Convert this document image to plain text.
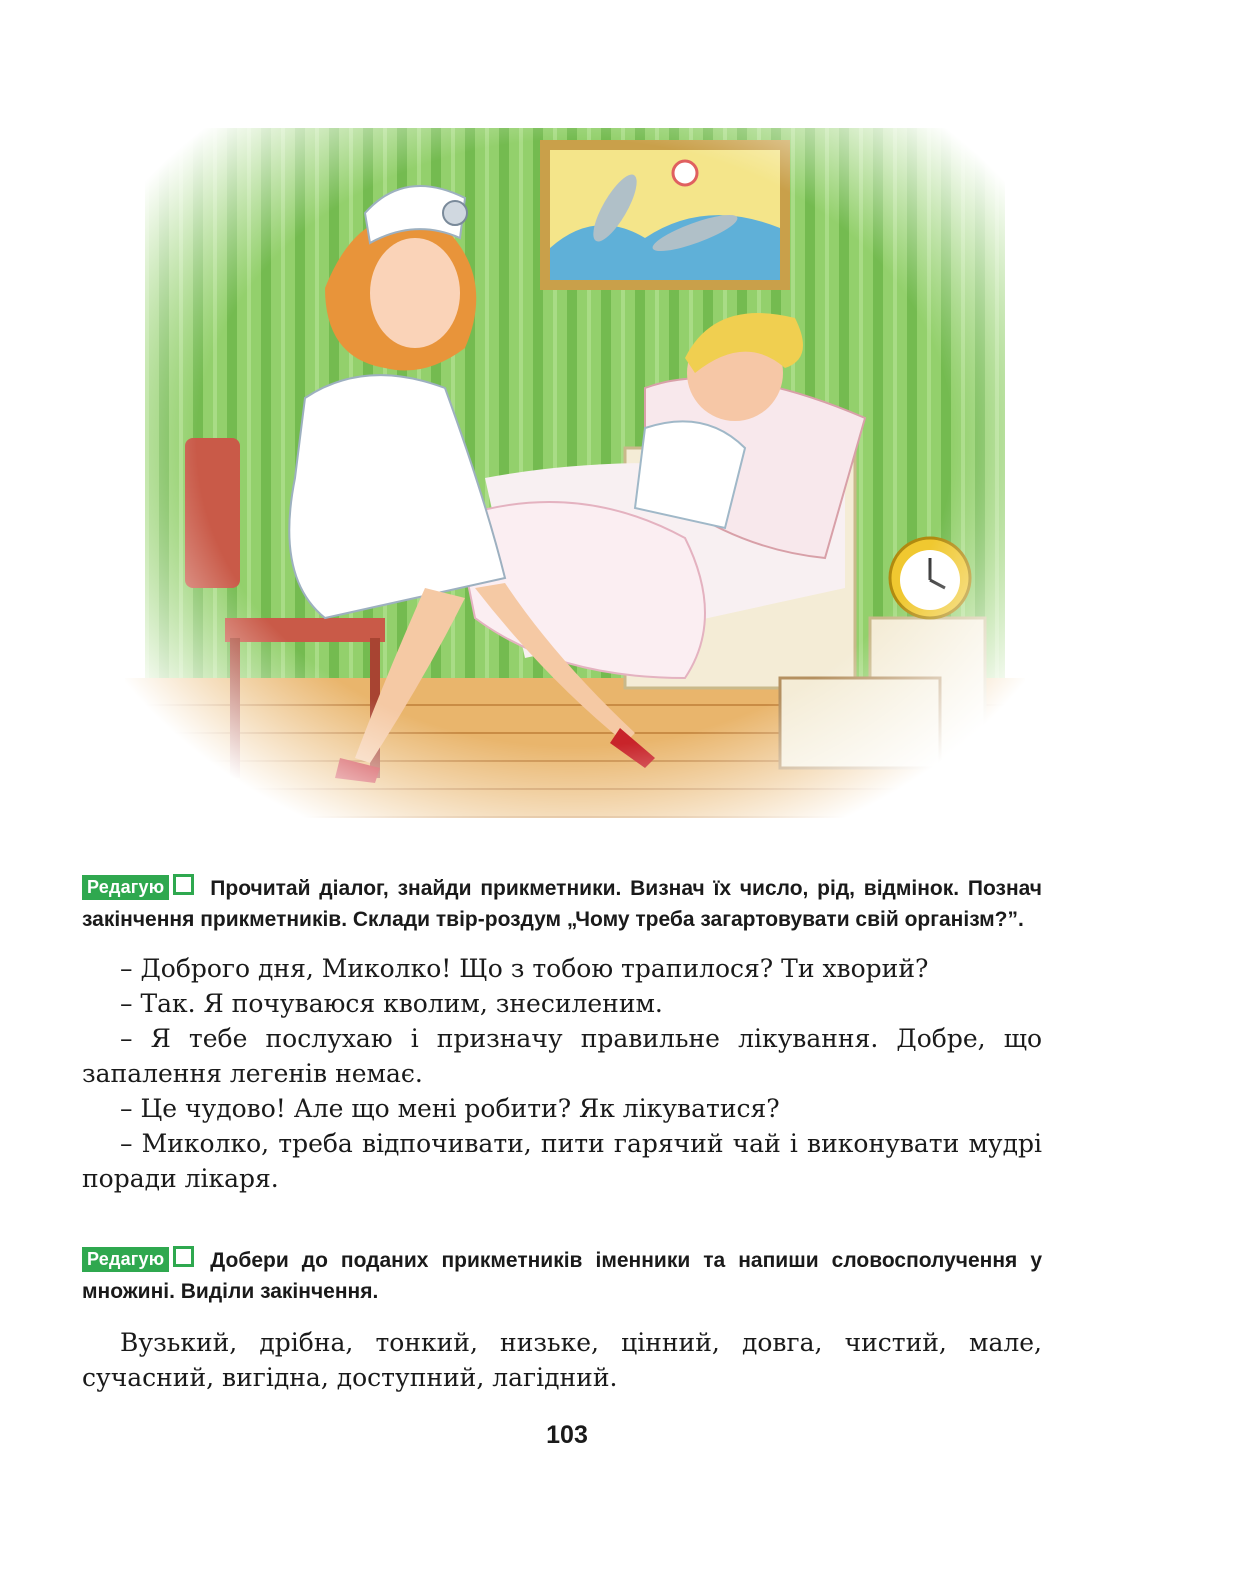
Редагую Прочитай діалог, знайди прикметники. Визнач їх число, рід, відмінок. Познач закінчення прикметників. Склади твір-роздум „Чому треба загартовувати свій організм?”.

– Доброго дня, Миколко! Що з тобою трапилося? Ти хворий?

– Так. Я почуваюся кволим, знесиленим.

– Я тебе послухаю і призначу правильне лікування. Добре, що запалення легенів немає.

– Це чудово! Але що мені робити? Як лікуватися?

– Миколко, треба відпочивати, пити гарячий чай і виконувати мудрі поради лікаря.

Редагую Добери до поданих прикметників іменники та напиши словосполучення у множині. Виділи закінчення.

Вузький, дрібна, тонкий, низьке, цінний, довга, чистий, мале, сучасний, вигідна, доступний, лагідний.
103
